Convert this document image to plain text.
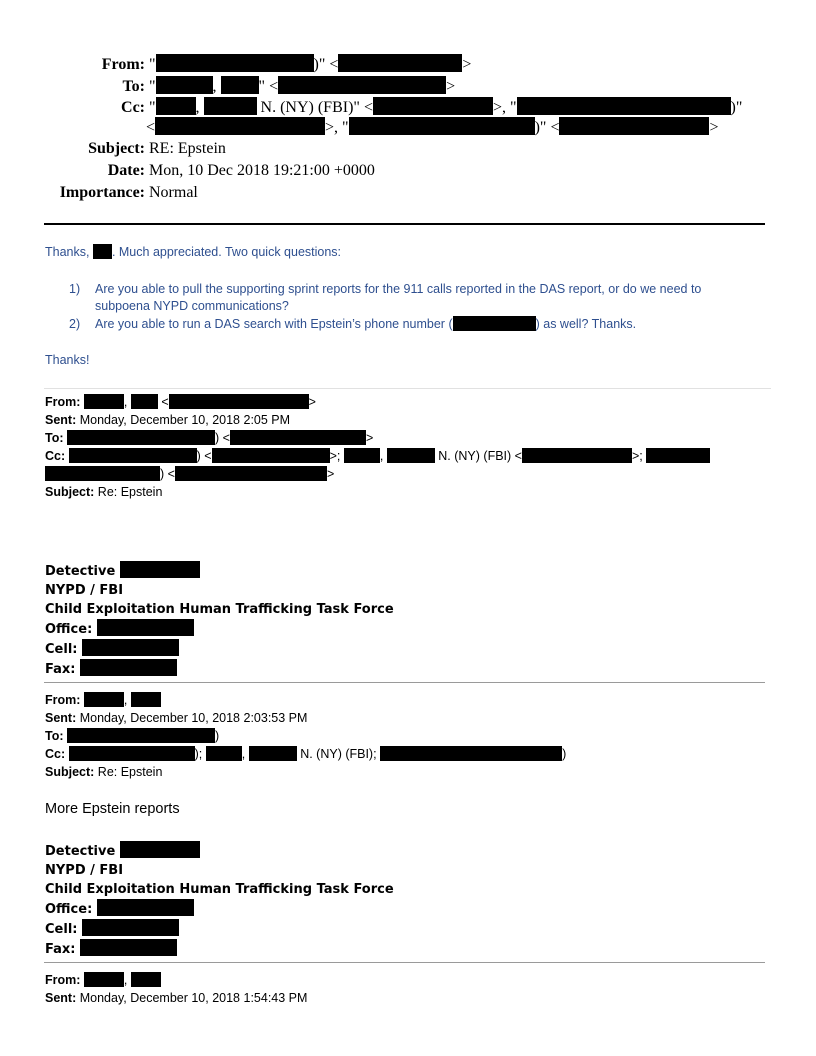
From: "	)" <	>
To: "	, " <	>
Cc: "	,	N. (NY) (FBI)" <	>, "	)"
<	>, "	)" <	>
Subject: RE: Epstein
Date: Mon, 10 Dec 2018 19:21:00 +0000
Importance: Normal
Thanks, . Much appreciated. Two quick questions:
1) Are you able to pull the supporting sprint reports for the 911 calls reported in the DAS report, or do we need to
subpoena NYPD communications?
2) Are you able to run a DAS search with Epstein’s phone number (	) as well? Thanks.
Thanks!
From:	,  <	>
Sent: Monday, December 10, 2018 2:05 PM
To:	) <	>
Cc:	) <	>;	,	N. (NY) (FBI) <	>;
) <	>
Subject: Re: Epstein
Detective
NYPD / FBI
Child Exploitation Human Trafficking Task Force
Office:
Cell:
Fax:
From:	,
Sent: Monday, December 10, 2018 2:03:53 PM
To:	)
Cc:	);	,	N. (NY) (FBI);	)
Subject: Re: Epstein
More Epstein reports
Detective
NYPD / FBI
Child Exploitation Human Trafficking Task Force
Office:
Cell:
Fax:
From:	,
Sent: Monday, December 10, 2018 1:54:43 PM
